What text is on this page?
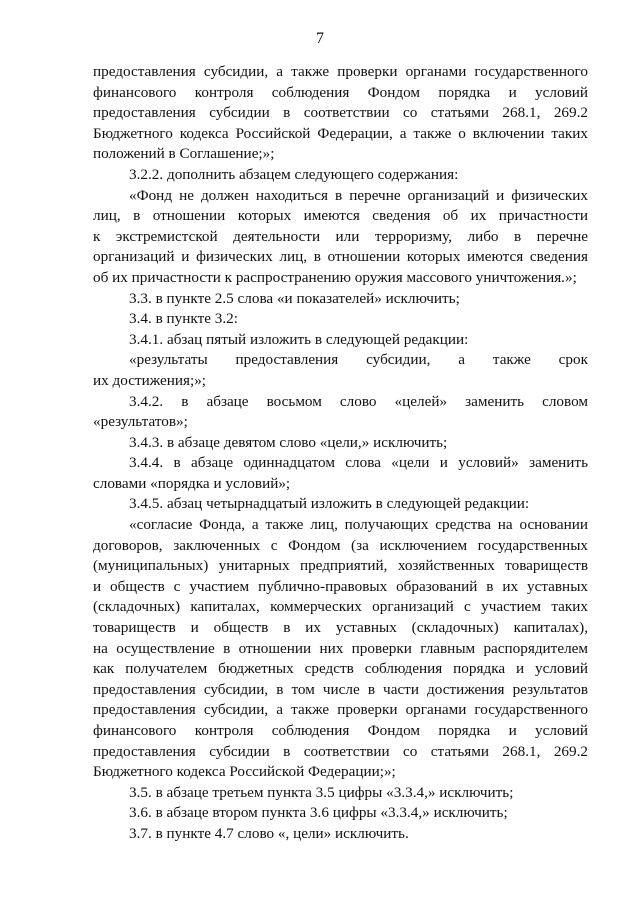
7
предоставления субсидии, а также проверки органами государственного
финансового контроля соблюдения Фондом порядка и условий
предоставления субсидии в соответствии со статьями 268.1, 269.2
Бюджетного кодекса Российской Федерации, а также о включении таких
положений в Соглашение;»;
3.2.2. дополнить абзацем следующего содержания:
«Фонд не должен находиться в перечне организаций и физических
лиц, в отношении которых имеются сведения об их причастности
к экстремистской деятельности или терроризму, либо в перечне
организаций и физических лиц, в отношении которых имеются сведения
об их причастности к распространению оружия массового уничтожения.»;
3.3. в пункте 2.5 слова «и показателей» исключить;
3.4. в пункте 3.2:
3.4.1. абзац пятый изложить в следующей редакции:
«результаты предоставления субсидии, а также срок
их достижения;»;
3.4.2. в абзаце восьмом слово «целей» заменить словом
«результатов»;
3.4.3. в абзаце девятом слово «цели,» исключить;
3.4.4. в абзаце одиннадцатом слова «цели и условий» заменить
словами «порядка и условий»;
3.4.5. абзац четырнадцатый изложить в следующей редакции:
«согласие Фонда, а также лиц, получающих средства на основании
договоров, заключенных с Фондом (за исключением государственных
(муниципальных) унитарных предприятий, хозяйственных товариществ
и обществ с участием публично-правовых образований в их уставных
(складочных) капиталах, коммерческих организаций с участием таких
товариществ и обществ в их уставных (складочных) капиталах),
на осуществление в отношении них проверки главным распорядителем
как получателем бюджетных средств соблюдения порядка и условий
предоставления субсидии, в том числе в части достижения результатов
предоставления субсидии, а также проверки органами государственного
финансового контроля соблюдения Фондом порядка и условий
предоставления субсидии в соответствии со статьями 268.1, 269.2
Бюджетного кодекса Российской Федерации;»;
3.5. в абзаце третьем пункта 3.5 цифры «3.3.4,» исключить;
3.6. в абзаце втором пункта 3.6 цифры «3.3.4,» исключить;
3.7. в пункте 4.7 слово «, цели» исключить.
